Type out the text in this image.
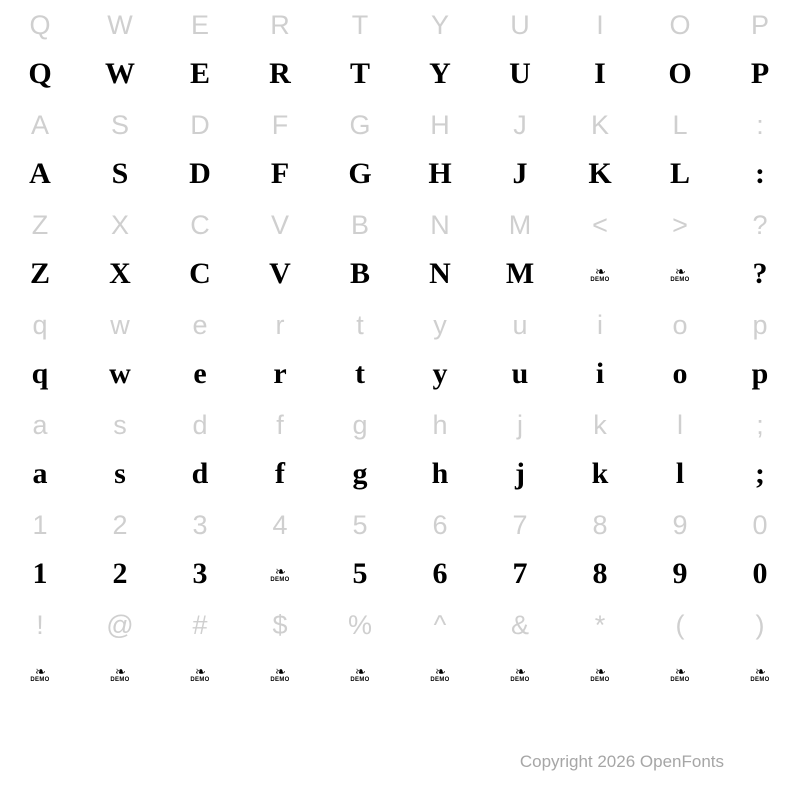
Q
Q
W
W
E
E
R
R
T
T
Y
Y
U
U
I
I
O
O
P
P
A
A
S
S
D
D
F
F
G
G
H
H
J
J
K
K
L
L
:
:
Z
Z
X
X
C
C
V
V
B
B
N
N
M
M
<
❧
DEMO
>
❧
DEMO
?
?
q
q
w
w
e
e
r
r
t
t
y
y
u
u
i
i
o
o
p
p
a
a
s
s
d
d
f
f
g
g
h
h
j
j
k
k
l
l
;
;
1
1
2
2
3
3
4
❧
DEMO
5
5
6
6
7
7
8
8
9
9
0
0
!
❧
DEMO
@
❧
DEMO
#
❧
DEMO
$
❧
DEMO
%
❧
DEMO
^
❧
DEMO
&
❧
DEMO
*
❧
DEMO
(
❧
DEMO
)
❧
DEMO
Copyright 2026 OpenFonts
